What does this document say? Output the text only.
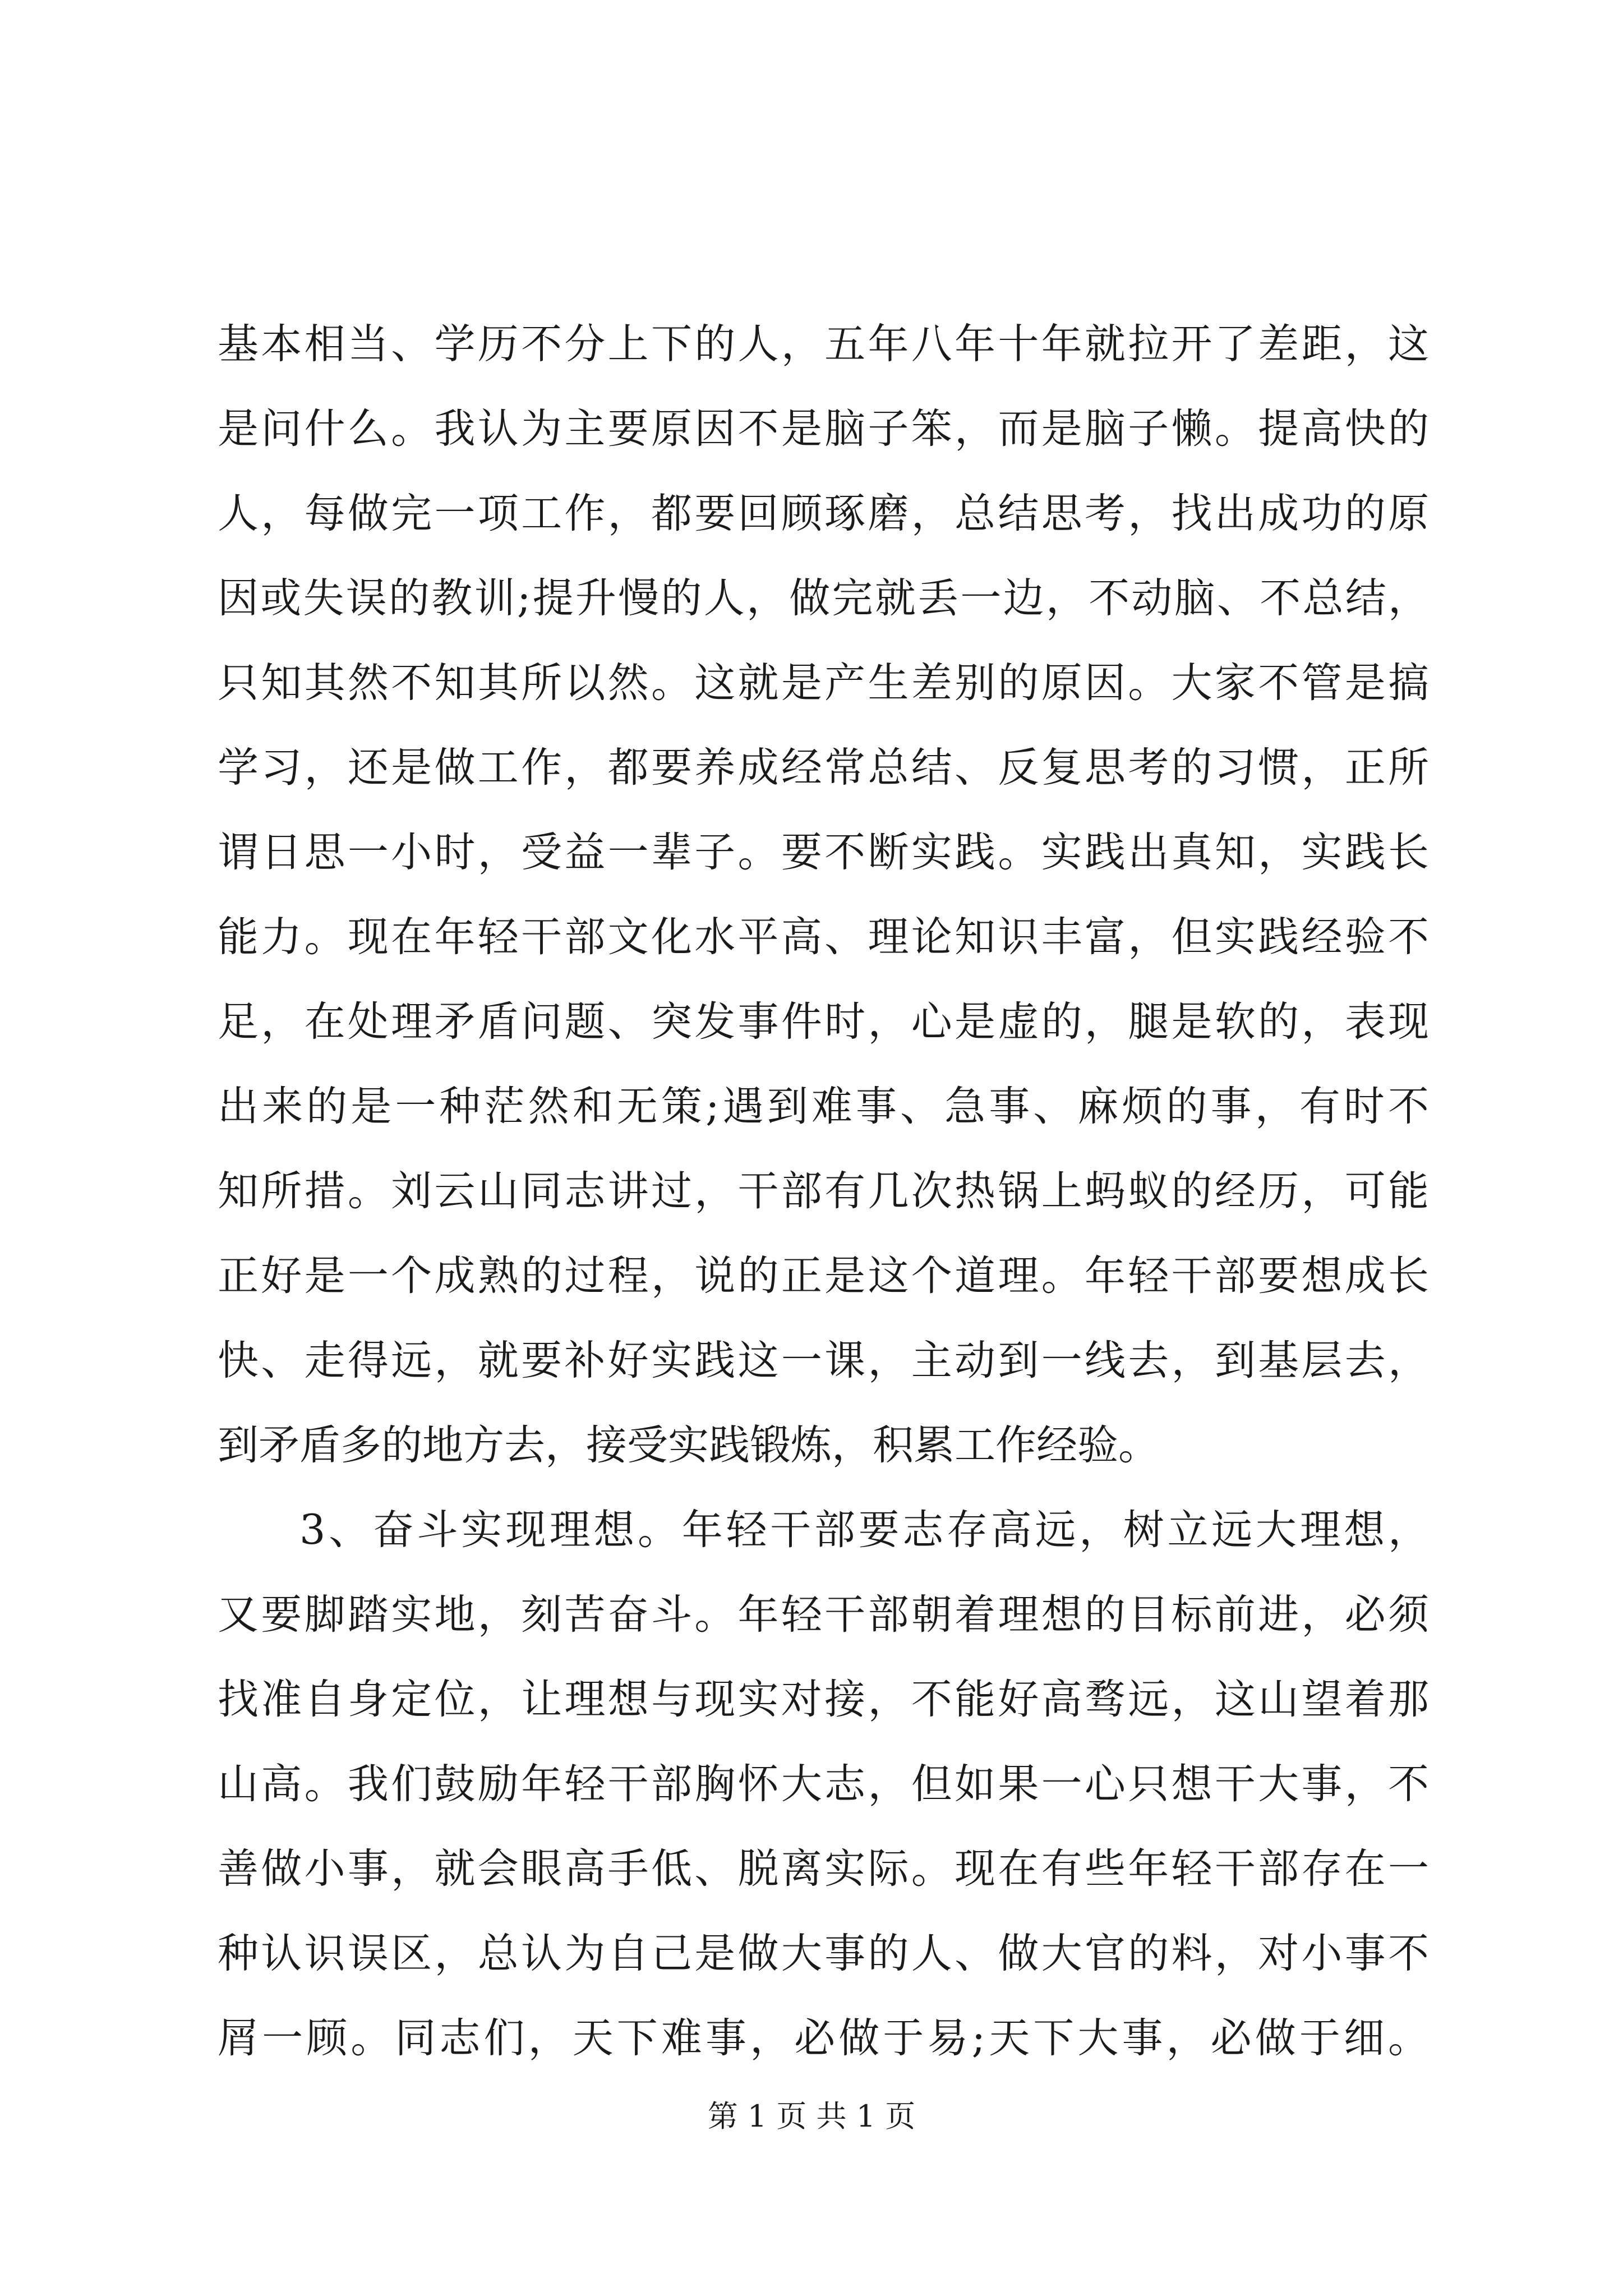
基本相当、学历不分上下的人，五年八年十年就拉开了差距，这
是问什么。我认为主要原因不是脑子笨，而是脑子懒。提高快的
人，每做完一项工作，都要回顾琢磨，总结思考，找出成功的原
因或失误的教训;提升慢的人，做完就丢一边，不动脑、不总结，
只知其然不知其所以然。这就是产生差别的原因。大家不管是搞
学习，还是做工作，都要养成经常总结、反复思考的习惯，正所
谓日思一小时，受益一辈子。要不断实践。实践出真知，实践长
能力。现在年轻干部文化水平高、理论知识丰富，但实践经验不
足，在处理矛盾问题、突发事件时，心是虚的，腿是软的，表现
出来的是一种茫然和无策;遇到难事、急事、麻烦的事，有时不
知所措。刘云山同志讲过，干部有几次热锅上蚂蚁的经历，可能
正好是一个成熟的过程，说的正是这个道理。年轻干部要想成长
快、走得远，就要补好实践这一课，主动到一线去，到基层去，
到矛盾多的地方去，接受实践锻炼，积累工作经验。
3、奋斗实现理想。年轻干部要志存高远，树立远大理想，
又要脚踏实地，刻苦奋斗。年轻干部朝着理想的目标前进，必须
找准自身定位，让理想与现实对接，不能好高骛远，这山望着那
山高。我们鼓励年轻干部胸怀大志，但如果一心只想干大事，不
善做小事，就会眼高手低、脱离实际。现在有些年轻干部存在一
种认识误区，总认为自己是做大事的人、做大官的料，对小事不
屑一顾。同志们，天下难事，必做于易;天下大事，必做于细。
第 1 页 共 1 页
